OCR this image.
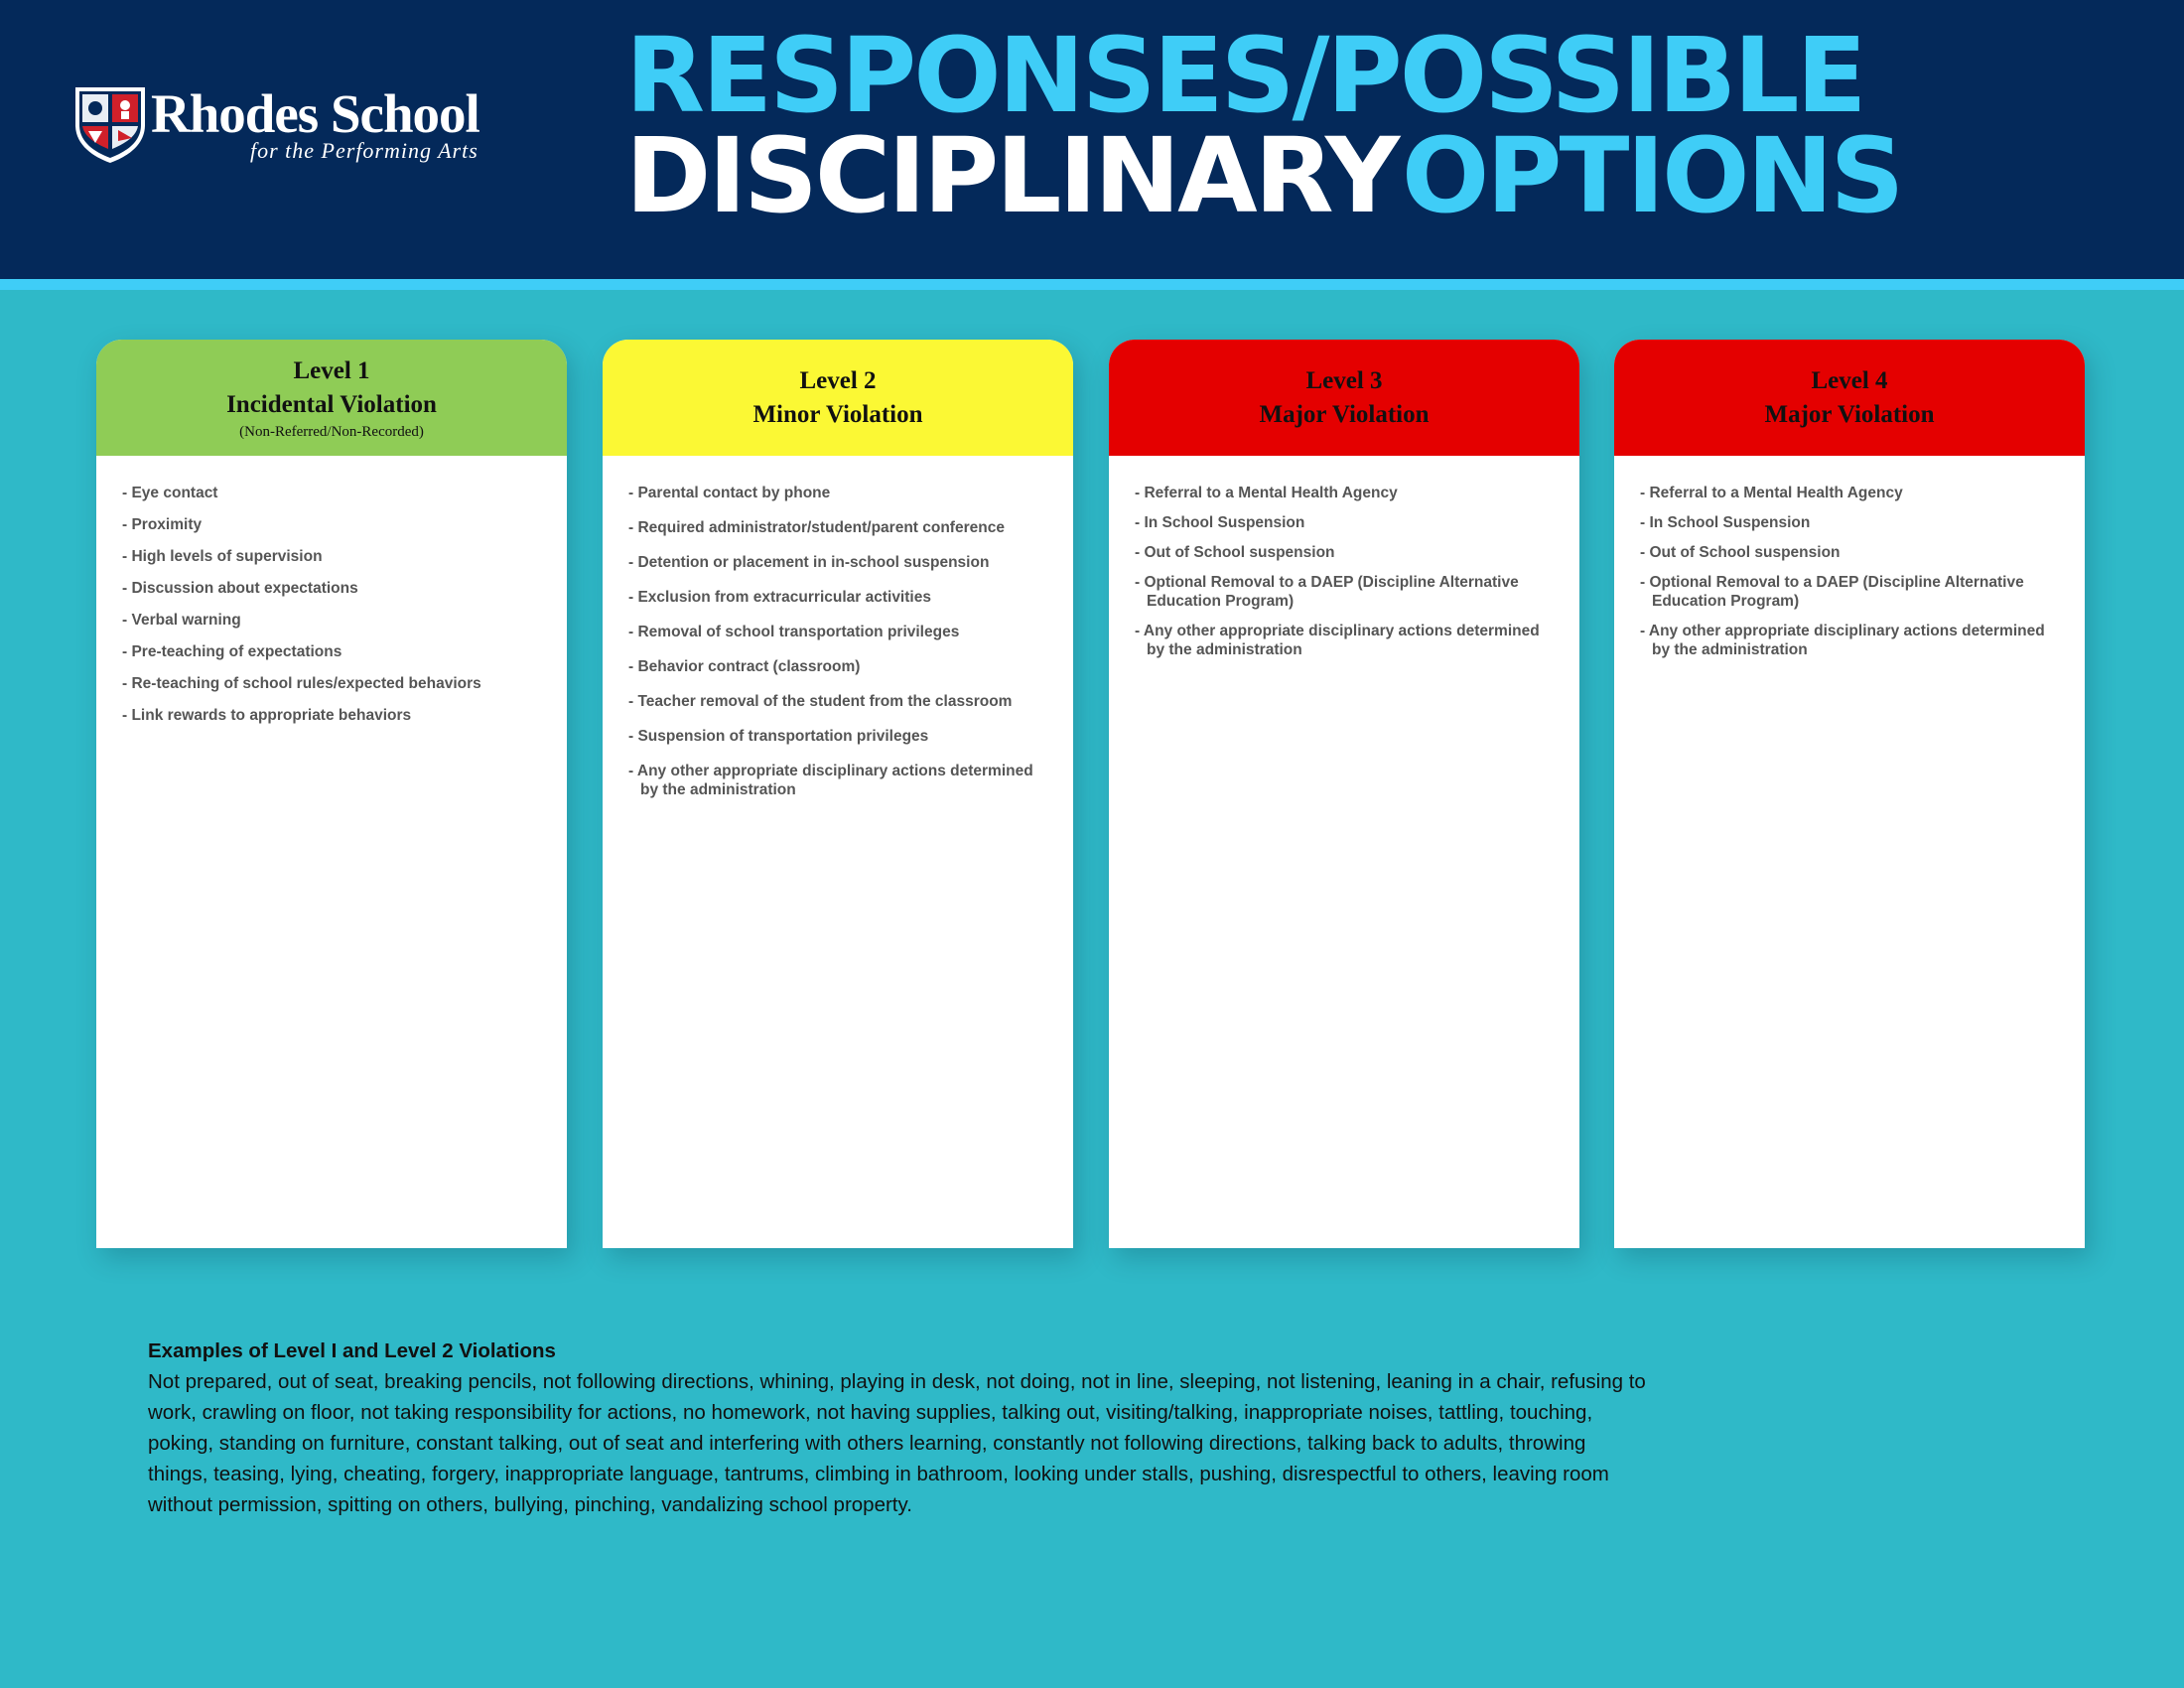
Rhodes School
for the Performing Arts
RESPONSES/POSSIBLE
DISCIPLINARY OPTIONS
Level 1
Incidental Violation
(Non-Referred/Non-Recorded)
- Eye contact
- Proximity
- High levels of supervision
- Discussion about expectations
- Verbal warning
- Pre-teaching of expectations
- Re-teaching of school rules/expected behaviors
- Link rewards to appropriate behaviors
Level 2
Minor Violation
- Parental contact by phone
- Required administrator/student/parent conference
- Detention or placement in in-school suspension
- Exclusion from extracurricular activities
- Removal of school transportation privileges
- Behavior contract (classroom)
- Teacher removal of the student from the classroom
- Suspension of transportation privileges
- Any other appropriate disciplinary actions determined by the administration
Level 3
Major Violation
- Referral to a Mental Health Agency
- In School Suspension
- Out of School suspension
- Optional Removal to a DAEP (Discipline Alternative Education Program)
- Any other appropriate disciplinary actions determined by the administration
Level 4
Major Violation
- Referral to a Mental Health Agency
- In School Suspension
- Out of School suspension
- Optional Removal to a DAEP (Discipline Alternative Education Program)
- Any other appropriate disciplinary actions determined by the administration
Examples of Level I and Level 2 Violations
Not prepared, out of seat, breaking pencils, not following directions, whining, playing in desk, not doing, not in line, sleeping, not listening, leaning in a chair, refusing to work, crawling on floor, not taking responsibility for actions, no homework, not having supplies, talking out, visiting/talking, inappropriate noises, tattling, touching, poking, standing on furniture, constant talking, out of seat and interfering with others learning, constantly not following directions, talking back to adults, throwing things, teasing, lying, cheating, forgery, inappropriate language, tantrums, climbing in bathroom, looking under stalls, pushing, disrespectful to others, leaving room without permission, spitting on others, bullying, pinching, vandalizing school property.
